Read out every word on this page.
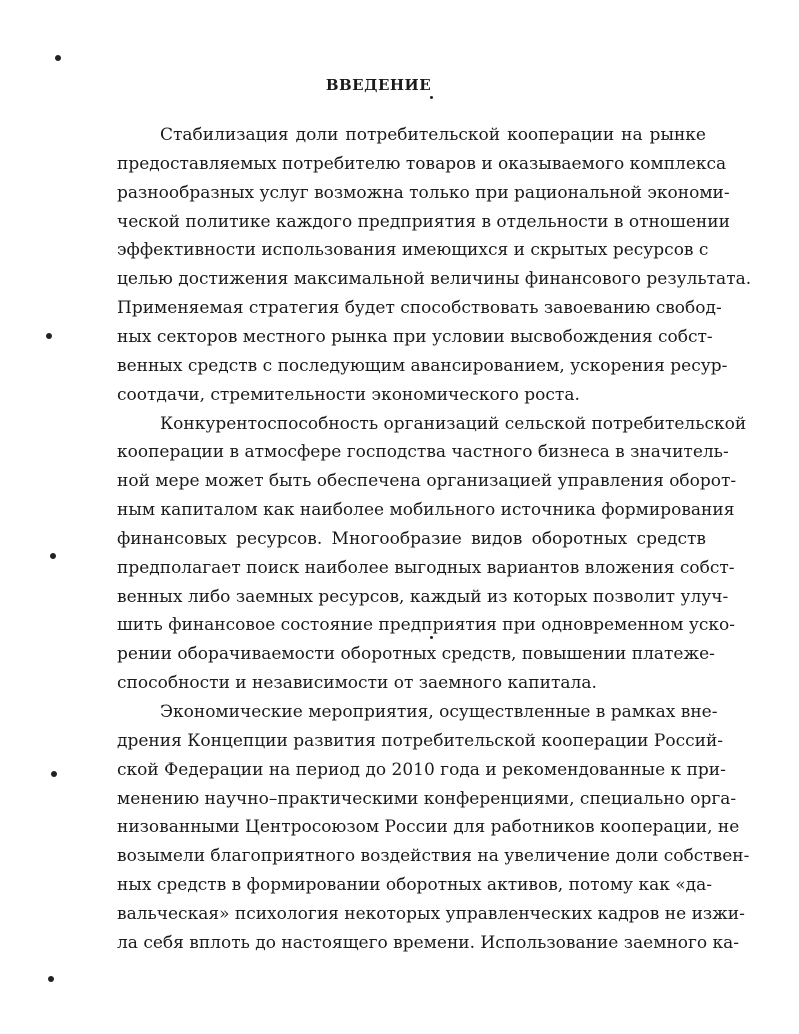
ВВЕДЕНИЕ
Стабилизация доли потребительской кооперации на рынке
предоставляемых потребителю товаров и оказываемого комплекса
разнообразных услуг возможна только при рациональной экономи-
ческой политике каждого предприятия в отдельности в отношении
эффективности использования имеющихся и скрытых ресурсов с
целью достижения максимальной величины финансового результата.
Применяемая стратегия будет способствовать завоеванию свобод-
ных секторов местного рынка при условии высвобождения собст-
венных средств с последующим авансированием, ускорения ресур-
соотдачи, стремительности экономического роста.
Конкурентоспособность организаций сельской потребительской
кооперации в атмосфере господства частного бизнеса в значитель-
ной мере может быть обеспечена организацией управления оборот-
ным капиталом как наиболее мобильного источника формирования
финансовых ресурсов. Многообразие видов оборотных средств
предполагает поиск наиболее выгодных вариантов вложения собст-
венных либо заемных ресурсов, каждый из которых позволит улуч-
шить финансовое состояние предприятия при одновременном уско-
рении оборачиваемости оборотных средств, повышении платеже-
способности и независимости от заемного капитала.
Экономические мероприятия, осуществленные в рамках вне-
дрения Концепции развития потребительской кооперации Россий-
ской Федерации на период до 2010 года и рекомендованные к при-
менению научно–практическими конференциями, специально орга-
низованными Центросоюзом России для работников кооперации, не
возымели благоприятного воздействия на увеличение доли собствен-
ных средств в формировании оборотных активов, потому как «да-
вальческая» психология некоторых управленческих кадров не изжи-
ла себя вплоть до настоящего времени. Использование заемного ка-
